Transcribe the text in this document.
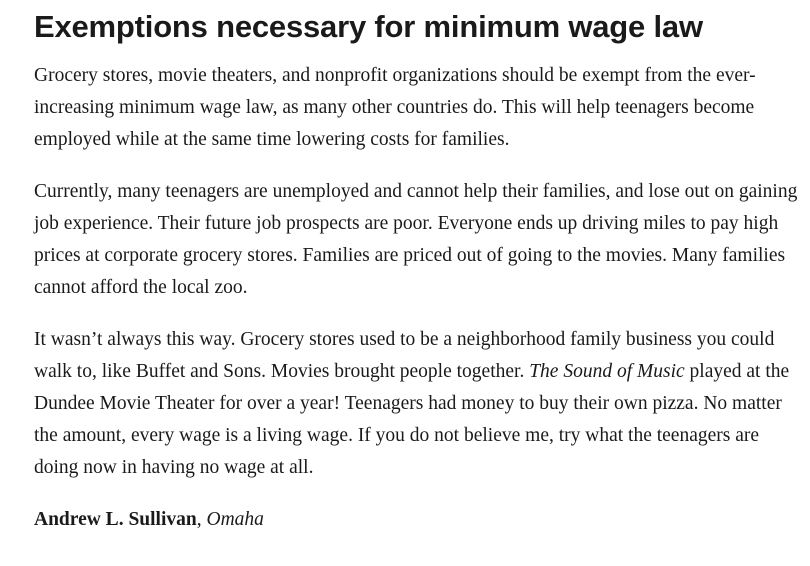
Exemptions necessary for minimum wage law

Grocery stores, movie theaters, and nonprofit organizations should be exempt from the ever-increasing minimum wage law, as many other countries do. This will help teenagers become employed while at the same time lowering costs for families.

Currently, many teenagers are unemployed and cannot help their families, and lose out on gaining job experience. Their future job prospects are poor. Everyone ends up driving miles to pay high prices at corporate grocery stores. Families are priced out of going to the movies. Many families cannot afford the local zoo.

It wasn’t always this way. Grocery stores used to be a neighborhood family business you could walk to, like Buffet and Sons. Movies brought people together. The Sound of Music played at the Dundee Movie Theater for over a year! Teenagers had money to buy their own pizza. No matter the amount, every wage is a living wage. If you do not believe me, try what the teenagers are doing now in having no wage at all.

Andrew L. Sullivan, Omaha
